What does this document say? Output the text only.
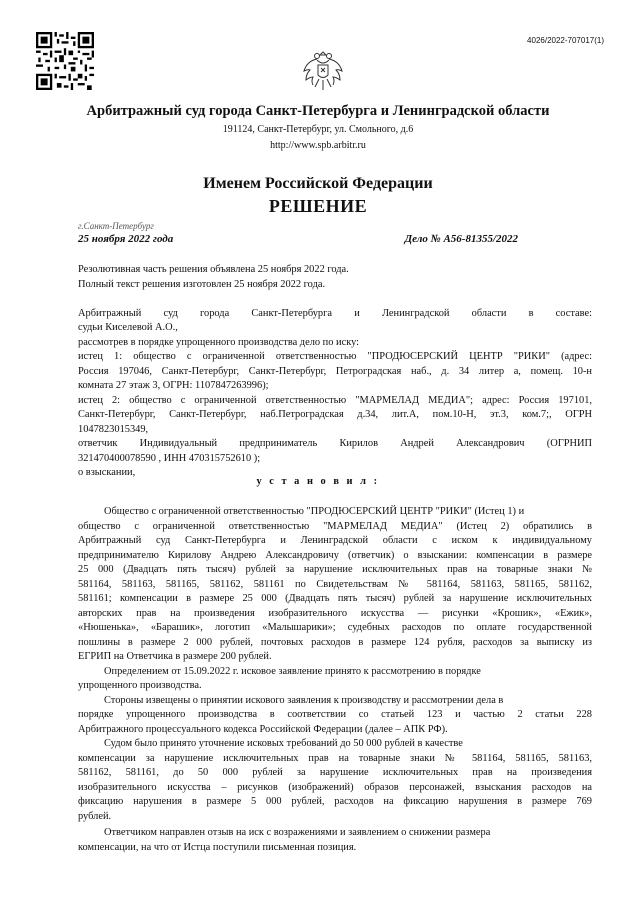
4026/2022-707017(1)
Арбитражный суд города Санкт-Петербурга и Ленинградской области
191124, Санкт-Петербург, ул. Смольного, д.6
http://www.spb.arbitr.ru
Именем Российской Федерации
РЕШЕНИЕ
г.Санкт-Петербург
25 ноября 2022 года	Дело № А56-81355/2022
Резолютивная часть решения объявлена 25 ноября 2022 года.
Полный текст решения изготовлен 25 ноября 2022 года.
Арбитражный суд города Санкт-Петербурга и Ленинградской области в составе:
судьи Киселевой А.О.,
рассмотрев в порядке упрощенного производства дело по иску:
истец 1: общество с ограниченной ответственностью "ПРОДЮСЕРСКИЙ ЦЕНТР "РИКИ" (адрес:
Россия 197046, Санкт-Петербург, Санкт-Петербург, Петроградская наб., д. 34 литер а, помещ. 10-н
комната 27 этаж 3, ОГРН: 1107847263996);
истец 2: общество с ограниченной ответственностью "МАРМЕЛАД МЕДИА"; адрес: Россия 197101,
Санкт-Петербург, Санкт-Петербург, наб.Петроградская д.34, лит.А, пом.10-Н, эт.3, ком.7;, ОГРН
1047823015349,
ответчик Индивидуальный предприниматель Кирилов Андрей Александрович (ОГРНИП
321470400078590 , ИНН 470315752610 );
о взыскании,
у с т а н о в и л :
Общество с ограниченной ответственностью "ПРОДЮСЕРСКИЙ ЦЕНТР "РИКИ" (Истец 1) и
общество с ограниченной ответственностью "МАРМЕЛАД МЕДИА" (Истец 2) обратились в
Арбитражный суд Санкт-Петербурга и Ленинградской области с иском к индивидуальному
предпринимателю Кирилову Андрею Александровичу (ответчик) о взыскании: компенсации в размере
25 000 (Двадцать пять тысяч) рублей за нарушение исключительных прав на товарные знаки №
581164, 581163, 581165, 581162, 581161 по Свидетельствам № 581164, 581163, 581165, 581162,
581161; компенсации в размере 25 000 (Двадцать пять тысяч) рублей за нарушение исключительных
авторских прав на произведения изобразительного искусства — рисунки «Крошик», «Ежик»,
«Нюшенька», «Барашик», логотип «Малышарики»; судебных расходов по оплате государственной
пошлины в размере 2 000 рублей, почтовых расходов в размере 124 рубля, расходов за выписку из
ЕГРИП на Ответчика в размере 200 рублей.
Определением от 15.09.2022 г. исковое заявление принято к рассмотрению в порядке
упрощенного производства.
Стороны извещены о принятии искового заявления к производству и рассмотрении дела в
порядке упрощенного производства в соответствии со статьей 123 и частью 2 статьи 228
Арбитражного процессуального кодекса Российской Федерации (далее – АПК РФ).
Судом было принято уточнение исковых требований до 50 000 рублей в качестве
компенсации за нарушение исключительных прав на товарные знаки № 581164, 581165, 581163,
581162, 581161, до 50 000 рублей за нарушение исключительных прав на произведения
изобразительного искусства – рисунков (изображений) образов персонажей, взыскания расходов на
фиксацию нарушения в размере 5 000 рублей, расходов на фиксацию нарушения в размере 769
рублей.
Ответчиком направлен отзыв на иск с возражениями и заявлением о снижении размера
компенсации, на что от Истца поступили письменная позиция.
